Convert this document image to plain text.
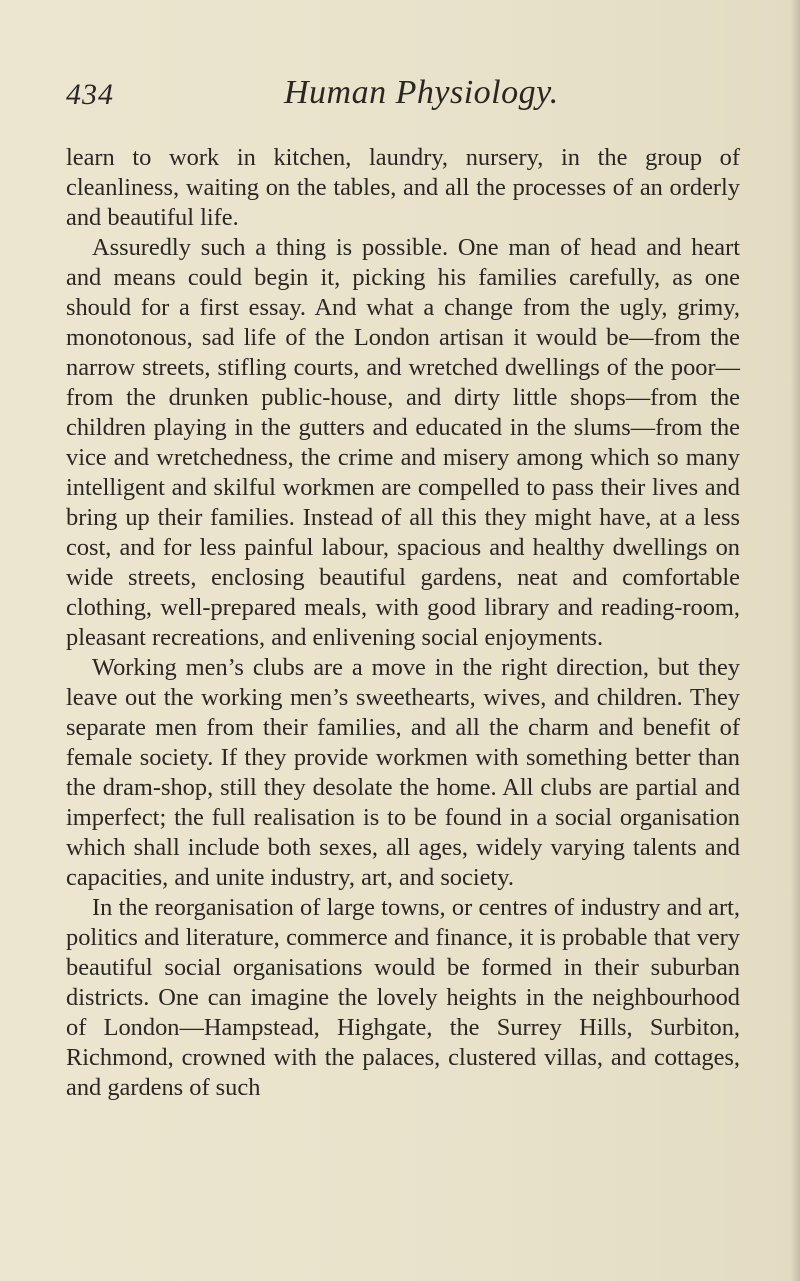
434	Human Physiology.

learn to work in kitchen, laundry, nursery, in the group of cleanliness, waiting on the tables, and all the processes of an orderly and beautiful life.

Assuredly such a thing is possible. One man of head and heart and means could begin it, picking his families carefully, as one should for a first essay. And what a change from the ugly, grimy, monotonous, sad life of the London artisan it would be—from the narrow streets, stifling courts, and wretched dwellings of the poor—from the drunken public-house, and dirty little shops—from the children playing in the gutters and educated in the slums—from the vice and wretchedness, the crime and misery among which so many intelligent and skilful workmen are compelled to pass their lives and bring up their families. Instead of all this they might have, at a less cost, and for less painful labour, spacious and healthy dwellings on wide streets, enclosing beautiful gardens, neat and comfortable clothing, well-prepared meals, with good library and reading-room, pleasant recreations, and enlivening social enjoyments.

Working men’s clubs are a move in the right direction, but they leave out the working men’s sweethearts, wives, and children. They separate men from their families, and all the charm and benefit of female society. If they provide workmen with something better than the dram-shop, still they desolate the home. All clubs are partial and imperfect; the full realisation is to be found in a social organisation which shall include both sexes, all ages, widely varying talents and capacities, and unite industry, art, and society.

In the reorganisation of large towns, or centres of industry and art, politics and literature, commerce and finance, it is probable that very beautiful social organisations would be formed in their suburban districts. One can imagine the lovely heights in the neighbourhood of London—Hampstead, Highgate, the Surrey Hills, Surbiton, Richmond, crowned with the palaces, clustered villas, and cottages, and gardens of such
